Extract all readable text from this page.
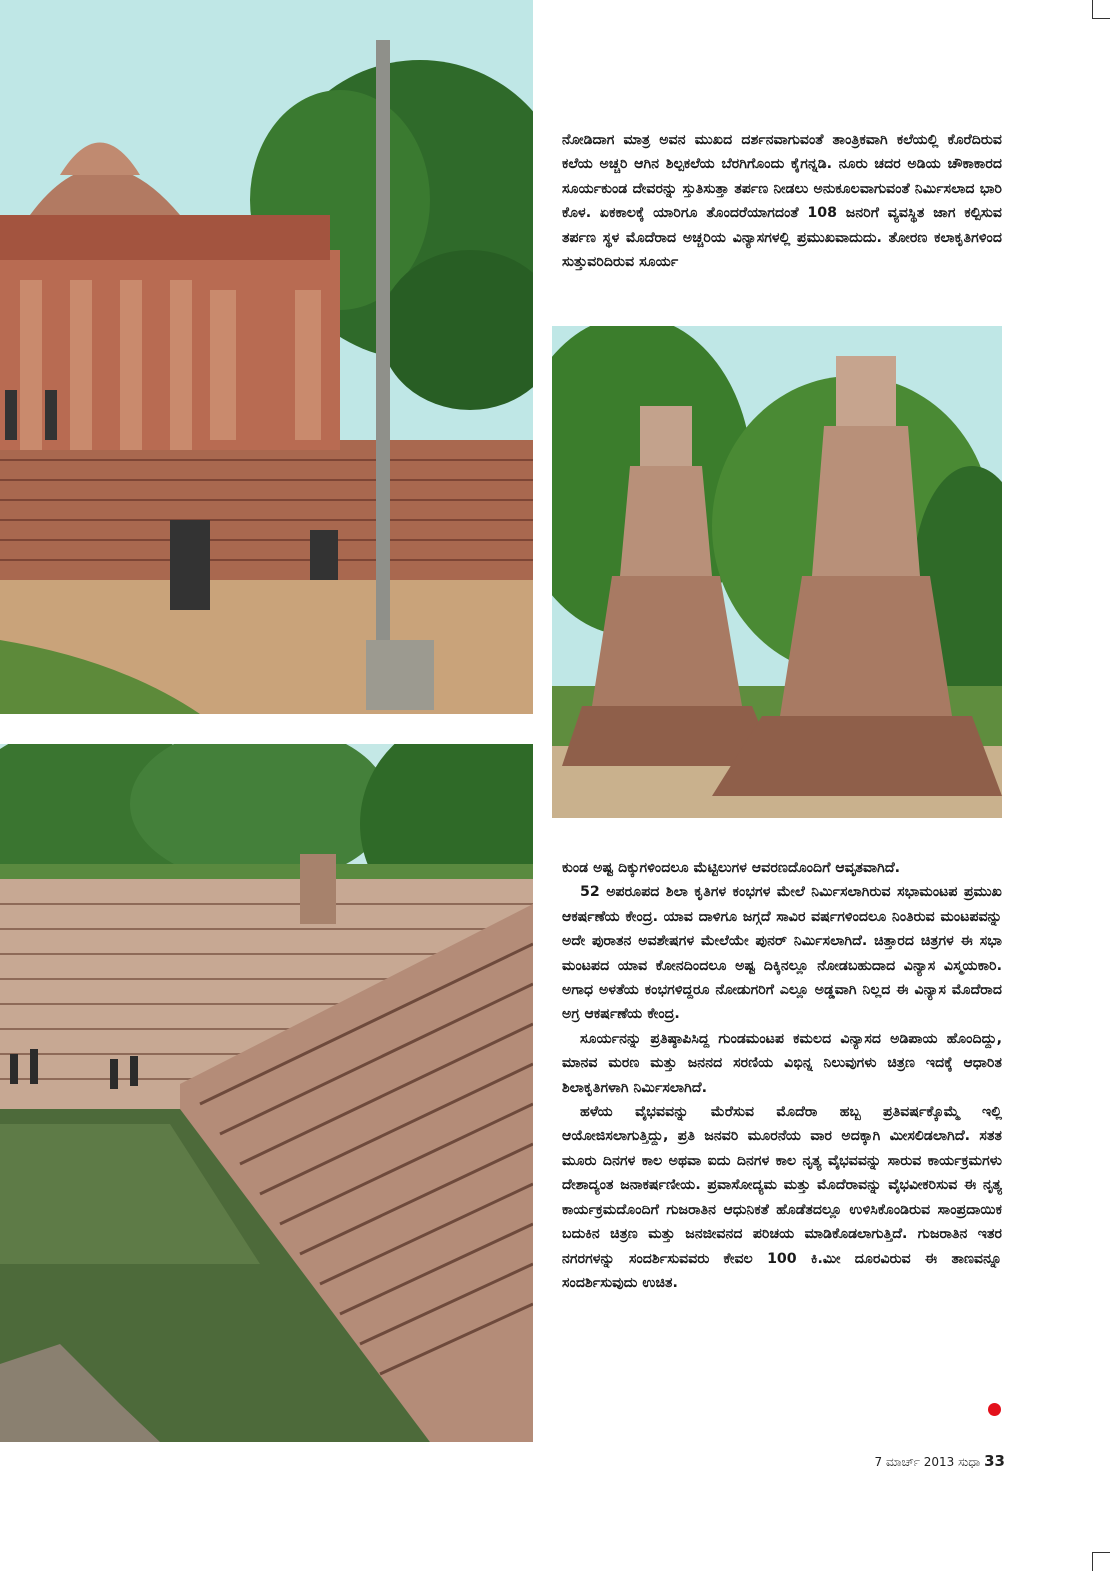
ನೋಡಿದಾಗ ಮಾತ್ರ ಅವನ ಮುಖದ ದರ್ಶನವಾಗುವಂತೆ ತಾಂತ್ರಿಕವಾಗಿ ಕಲೆಯಲ್ಲಿ ಕೊರೆದಿರುವ ಕಲೆಯ ಅಚ್ಚರಿ ಆಗಿನ ಶಿಲ್ಪಕಲೆಯ ಬೆರಗಿಗೊಂದು ಕೈಗನ್ನಡಿ. ನೂರು ಚದರ ಅಡಿಯ ಚೌಕಾಕಾರದ ಸೂರ್ಯಕುಂಡ ದೇವರನ್ನು ಸ್ತುತಿಸುತ್ತಾ ತರ್ಪಣ ನೀಡಲು ಅನುಕೂಲವಾಗುವಂತೆ ನಿರ್ಮಿಸಲಾದ ಭಾರಿ ಕೊಳ. ಏಕಕಾಲಕ್ಕೆ ಯಾರಿಗೂ ತೊಂದರೆಯಾಗದಂತೆ 108 ಜನರಿಗೆ ವ್ಯವಸ್ಥಿತ ಜಾಗ ಕಲ್ಪಿಸುವ ತರ್ಪಣ ಸ್ಥಳ ಮೊದೆರಾದ ಅಚ್ಚರಿಯ ವಿನ್ಯಾಸಗಳಲ್ಲಿ ಪ್ರಮುಖವಾದುದು. ತೋರಣ ಕಲಾಕೃತಿಗಳಿಂದ ಸುತ್ತುವರಿದಿರುವ ಸೂರ್ಯ

ಕುಂಡ ಅಷ್ಟ ದಿಕ್ಕುಗಳಿಂದಲೂ ಮೆಟ್ಟಿಲುಗಳ ಆವರಣದೊಂದಿಗೆ ಆವೃತವಾಗಿದೆ.

52 ಅಪರೂಪದ ಶಿಲಾ ಕೃತಿಗಳ ಕಂಭಗಳ ಮೇಲೆ ನಿರ್ಮಿಸಲಾಗಿರುವ ಸಭಾಮಂಟಪ ಪ್ರಮುಖ ಆಕರ್ಷಣೆಯ ಕೇಂದ್ರ. ಯಾವ ದಾಳಿಗೂ ಜಗ್ಗದೆ ಸಾವಿರ ವರ್ಷಗಳಿಂದಲೂ ನಿಂತಿರುವ ಮಂಟಪವನ್ನು ಅದೇ ಪುರಾತನ ಅವಶೇಷಗಳ ಮೇಲೆಯೇ ಪುನರ್ ನಿರ್ಮಿಸಲಾಗಿದೆ. ಚಿತ್ತಾರದ ಚಿತ್ರಗಳ ಈ ಸಭಾ ಮಂಟಪದ ಯಾವ ಕೋನದಿಂದಲೂ ಅಷ್ಟ ದಿಕ್ಕಿನಲ್ಲೂ ನೋಡಬಹುದಾದ ವಿನ್ಯಾಸ ವಿಸ್ಮಯಕಾರಿ. ಅಗಾಧ ಅಳತೆಯ ಕಂಭಗಳಿದ್ದರೂ ನೋಡುಗರಿಗೆ ಎಲ್ಲೂ ಅಡ್ಡವಾಗಿ ನಿಲ್ಲದ ಈ ವಿನ್ಯಾಸ ಮೊದೆರಾದ ಅಗ್ರ ಆಕರ್ಷಣೆಯ ಕೇಂದ್ರ.

ಸೂರ್ಯನನ್ನು ಪ್ರತಿಷ್ಠಾಪಿಸಿದ್ದ ಗುಂಡಮಂಟಪ ಕಮಲದ ವಿನ್ಯಾಸದ ಅಡಿಪಾಯ ಹೊಂದಿದ್ದು, ಮಾನವ ಮರಣ ಮತ್ತು ಜನನದ ಸರಣಿಯ ವಿಭಿನ್ನ ನಿಲುವುಗಳು ಚಿತ್ರಣ ಇದಕ್ಕೆ ಆಧಾರಿತ ಶಿಲಾಕೃತಿಗಳಾಗಿ ನಿರ್ಮಿಸಲಾಗಿದೆ.

ಹಳೆಯ ವೈಭವವನ್ನು ಮೆರೆಸುವ ಮೊದೆರಾ ಹಬ್ಬ ಪ್ರತಿವರ್ಷಕ್ಕೊಮ್ಮೆ ಇಲ್ಲಿ ಆಯೋಜಿಸಲಾಗುತ್ತಿದ್ದು, ಪ್ರತಿ ಜನವರಿ ಮೂರನೆಯ ವಾರ ಅದಕ್ಕಾಗಿ ಮೀಸಲಿಡಲಾಗಿದೆ. ಸತತ ಮೂರು ದಿನಗಳ ಕಾಲ ಅಥವಾ ಐದು ದಿನಗಳ ಕಾಲ ನೃತ್ಯ ವೈಭವವನ್ನು ಸಾರುವ ಕಾರ್ಯಕ್ರಮಗಳು ದೇಶಾದ್ಯಂತ ಜನಾಕರ್ಷಣೀಯ. ಪ್ರವಾಸೋದ್ಯಮ ಮತ್ತು ಮೊದೆರಾವನ್ನು ವೈಭವೀಕರಿಸುವ ಈ ನೃತ್ಯ ಕಾರ್ಯಕ್ರಮದೊಂದಿಗೆ ಗುಜರಾತಿನ ಆಧುನಿಕತೆ ಹೊಡೆತದಲ್ಲೂ ಉಳಿಸಿಕೊಂಡಿರುವ ಸಾಂಪ್ರದಾಯಿಕ ಬದುಕಿನ ಚಿತ್ರಣ ಮತ್ತು ಜನಜೀವನದ ಪರಿಚಯ ಮಾಡಿಕೊಡಲಾಗುತ್ತಿದೆ. ಗುಜರಾತಿನ ಇತರ ನಗರಗಳನ್ನು ಸಂದರ್ಶಿಸುವವರು ಕೇವಲ 100 ಕಿ.ಮೀ ದೂರವಿರುವ ಈ ತಾಣವನ್ನೂ ಸಂದರ್ಶಿಸುವುದು ಉಚಿತ.

7 ಮಾರ್ಚ್ 2013 ಸುಧಾ 33
